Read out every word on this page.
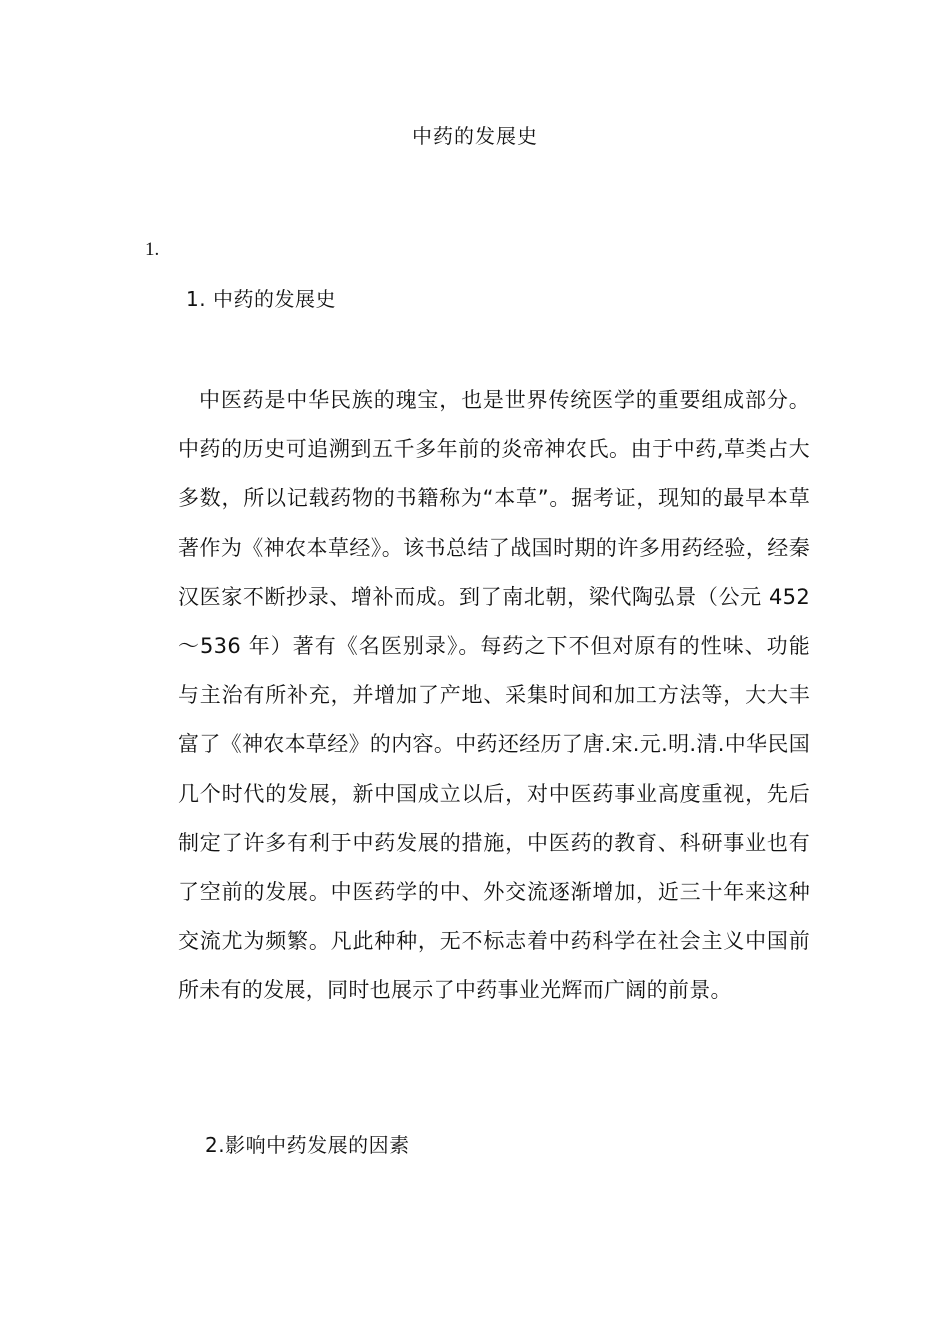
中药的发展史
1.
1. 中药的发展史

中医药是中华民族的瑰宝，也是世界传统医学的重要组成部分。中药的历史可追溯到五千多年前的炎帝神农氏。由于中药,草类占大多数，所以记载药物的书籍称为“本草”。据考证，现知的最早本草著作为《神农本草经》。该书总结了战国时期的许多用药经验，经秦汉医家不断抄录、增补而成。到了南北朝，梁代陶弘景（公元 452～536 年）著有《名医别录》。每药之下不但对原有的性味、功能与主治有所补充，并增加了产地、采集时间和加工方法等，大大丰富了《神农本草经》的内容。中药还经历了唐.宋.元.明.清.中华民国几个时代的发展，新中国成立以后，对中医药事业高度重视，先后制定了许多有利于中药发展的措施，中医药的教育、科研事业也有了空前的发展。中医药学的中、外交流逐渐增加，近三十年来这种交流尤为频繁。凡此种种，无不标志着中药科学在社会主义中国前所未有的发展，同时也展示了中药事业光辉而广阔的前景。

2.影响中药发展的因素
